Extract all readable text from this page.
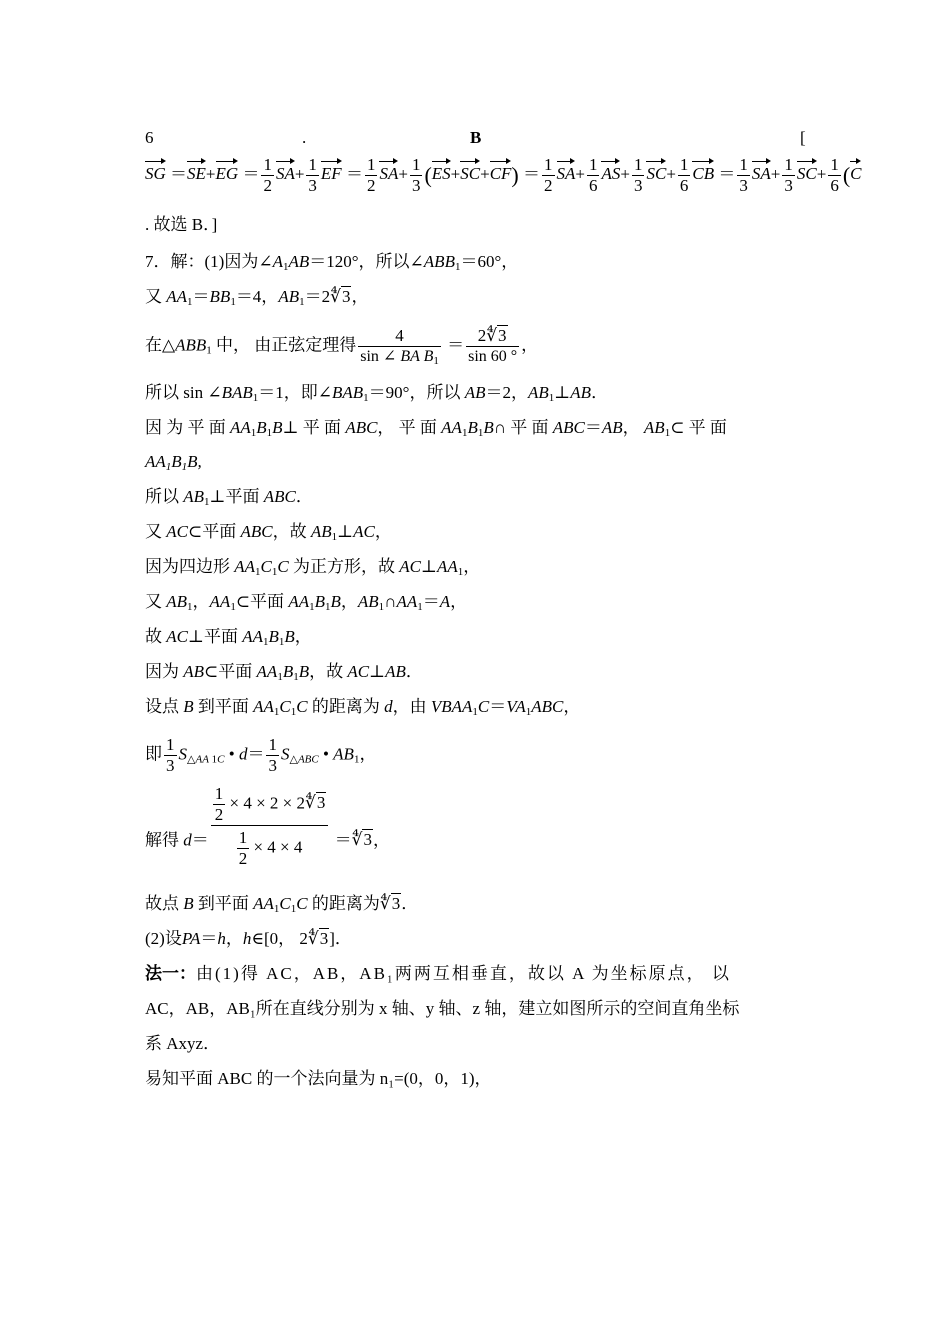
6	.	B	[
SG $=SE+EG = \frac{1}{2} SA+ \frac{1}{3}$ EF ＝ $\frac{1}{2} SA+ \frac{1}{3} (ES+SC+CF) = \frac{1}{2} SA+ \frac{1}{6} AS+ \frac{1}{3} SC+ \frac{1}{6}$ CB ＝ $\frac{1}{3} SA+ \frac{1}{3} SC+ \frac{1}{6} (C$
. 故选 B．]
7．解：(1)因为$\angle A_1AB=120^\circ$，所以$\angle ABB_1=60^\circ$，
又 $AA_1=BB_1=4$，$AB_1=2∜3$，
在$\triangle ABB_1$ 中， 由正弦定理得 $\frac{4}{\sin \angle BA B_1} = \frac{2∜3}{\sin 60 ^\circ}$ ，
所以 $\sin \angle BAB_1=1$，即$\angle BAB_1=90^\circ$，所以 AB＝2，$AB_1\perp AB$．
因 为 平 面 $AA_1B_1B\perp$ 平 面 ABC， 平 面 $AA_1B_1B\cap$ 平 面 ABC＝AB， $AB_1\subset$ 平 面
$AA_1B_1B$,
所以 $AB_1\perp$平面 ABC．
又 AC⊂平面 ABC，故 $AB_1\perp AC$，
因为四边形 $AA_1C_1C$ 为正方形，故 $AC\perp AA_1$，
又 $AB_1$，$AA_1\subset$平面 $AA_1B_1B$，$AB_1\cap AA_1=A$，
故 AC⊥平面 $AA_1B_1B$，
因为 AB⊂平面 $AA_1B_1B$，故 AC⊥AB．
设点 B 到平面 $AA_1C_1C$ 的距离为 d，由 $VBAA_1C=VA_1ABC$，
即 $\frac{1}{3} S_{\triangle AA 1C}$ • $d= \frac{1}{3} S_{\triangle ABC}$ • $AB_1$，
解得 $d= \frac{\frac{1}{2} \times 4 \times 2 \times 2∜3}{\frac{1}{2} \times 4 \times 4}$ ＝∜3，
故点 B 到平面 $AA_1C_1C$ 的距离为∜3．
(2)设PA＝h，h∈[0， 2∜3]．
法一：由(1)得 AC，AB，AB₁两两互相垂直，故以 A 为坐标原点， 以
AC，AB，AB₁所在直线分别为 x 轴、y 轴、z 轴，建立如图所示的空间直角坐标
系 Axyz．
易知平面 ABC 的一个法向量为 n₁=(0，0，1)，
